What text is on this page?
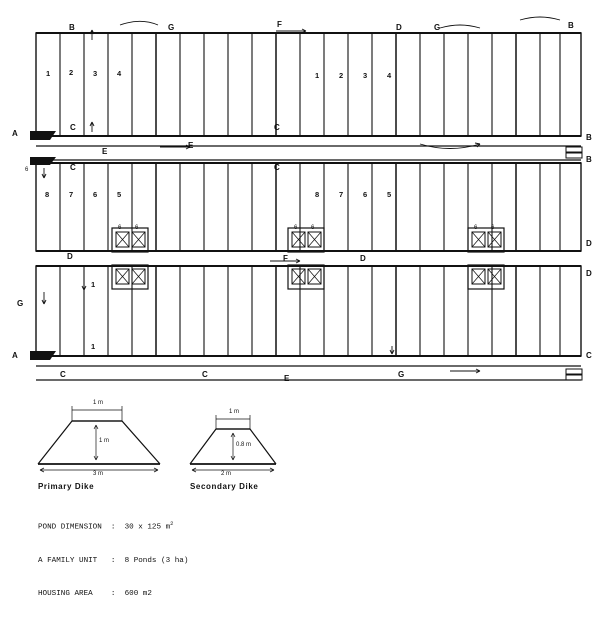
B	G	F	D	G	B
A
C
E
C
B
C
E
C
B
D	F	D
D
G
A
D
C
C	C	E	G
1	2	3	4	1	2	3	4
8	7	6	5	8	7	6	5
1
1
6 6	6 6	6 6
6
1 m
1 m
3 m
1 m
0.8 m
2 m
Primary Dike	Secondary Dike

POND DIMENSION  :  30 x 125 $m^2$

A FAMILY UNIT   :  8 Ponds (3 ha)

HOUSING AREA    :  600 m2
